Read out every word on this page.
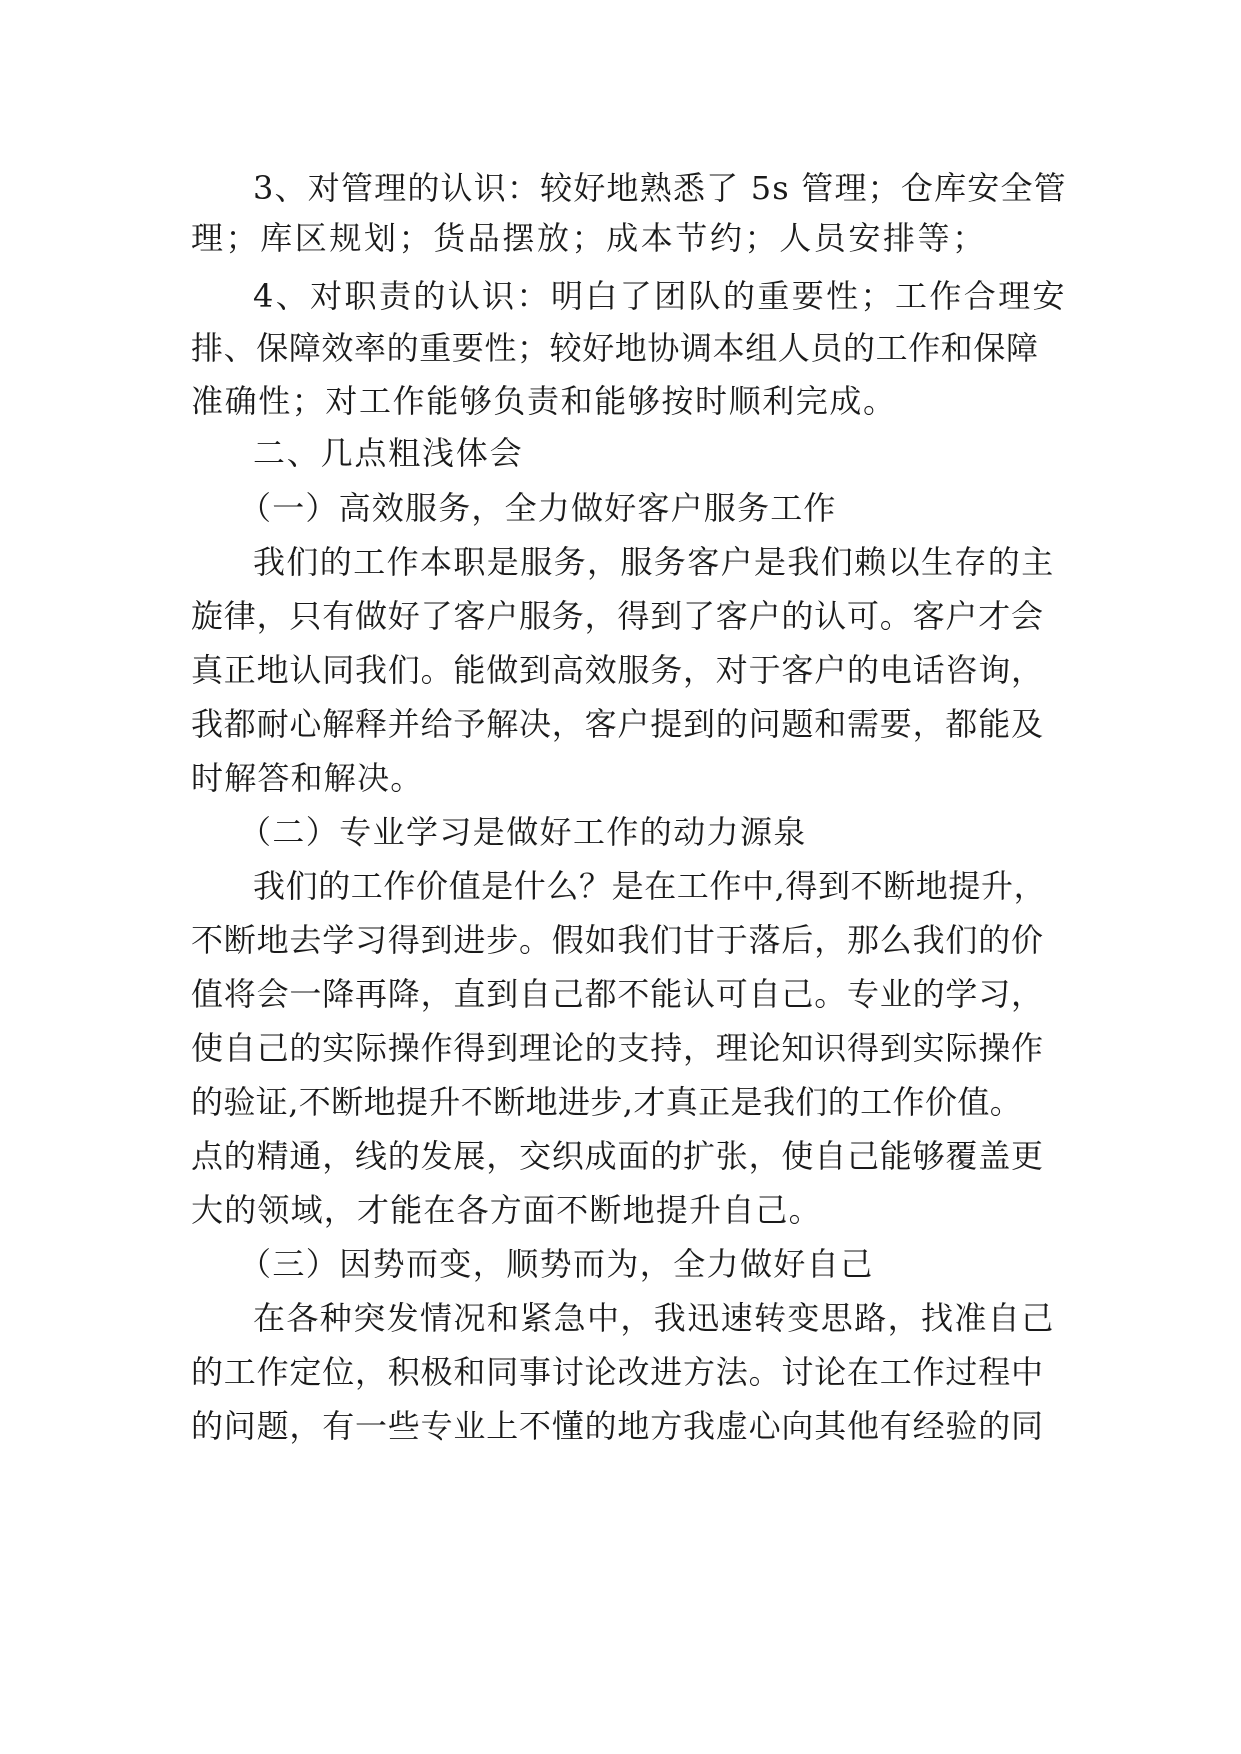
3、对管理的认识：较好地熟悉了 5s 管理；仓库安全管
理；库区规划；货品摆放；成本节约；人员安排等；
4、对职责的认识：明白了团队的重要性；工作合理安
排、保障效率的重要性；较好地协调本组人员的工作和保障
准确性；对工作能够负责和能够按时顺利完成。
二、几点粗浅体会
（一）高效服务，全力做好客户服务工作
我们的工作本职是服务，服务客户是我们赖以生存的主
旋律，只有做好了客户服务，得到了客户的认可。客户才会
真正地认同我们。能做到高效服务，对于客户的电话咨询，
我都耐心解释并给予解决，客户提到的问题和需要，都能及
时解答和解决。
（二）专业学习是做好工作的动力源泉
我们的工作价值是什么？是在工作中,得到不断地提升，
不断地去学习得到进步。假如我们甘于落后，那么我们的价
值将会一降再降，直到自己都不能认可自己。专业的学习，
使自己的实际操作得到理论的支持，理论知识得到实际操作
的验证,不断地提升不断地进步,才真正是我们的工作价值。
点的精通，线的发展，交织成面的扩张，使自己能够覆盖更
大的领域，才能在各方面不断地提升自己。
（三）因势而变，顺势而为，全力做好自己
在各种突发情况和紧急中，我迅速转变思路，找准自己
的工作定位，积极和同事讨论改进方法。讨论在工作过程中
的问题，有一些专业上不懂的地方我虚心向其他有经验的同
